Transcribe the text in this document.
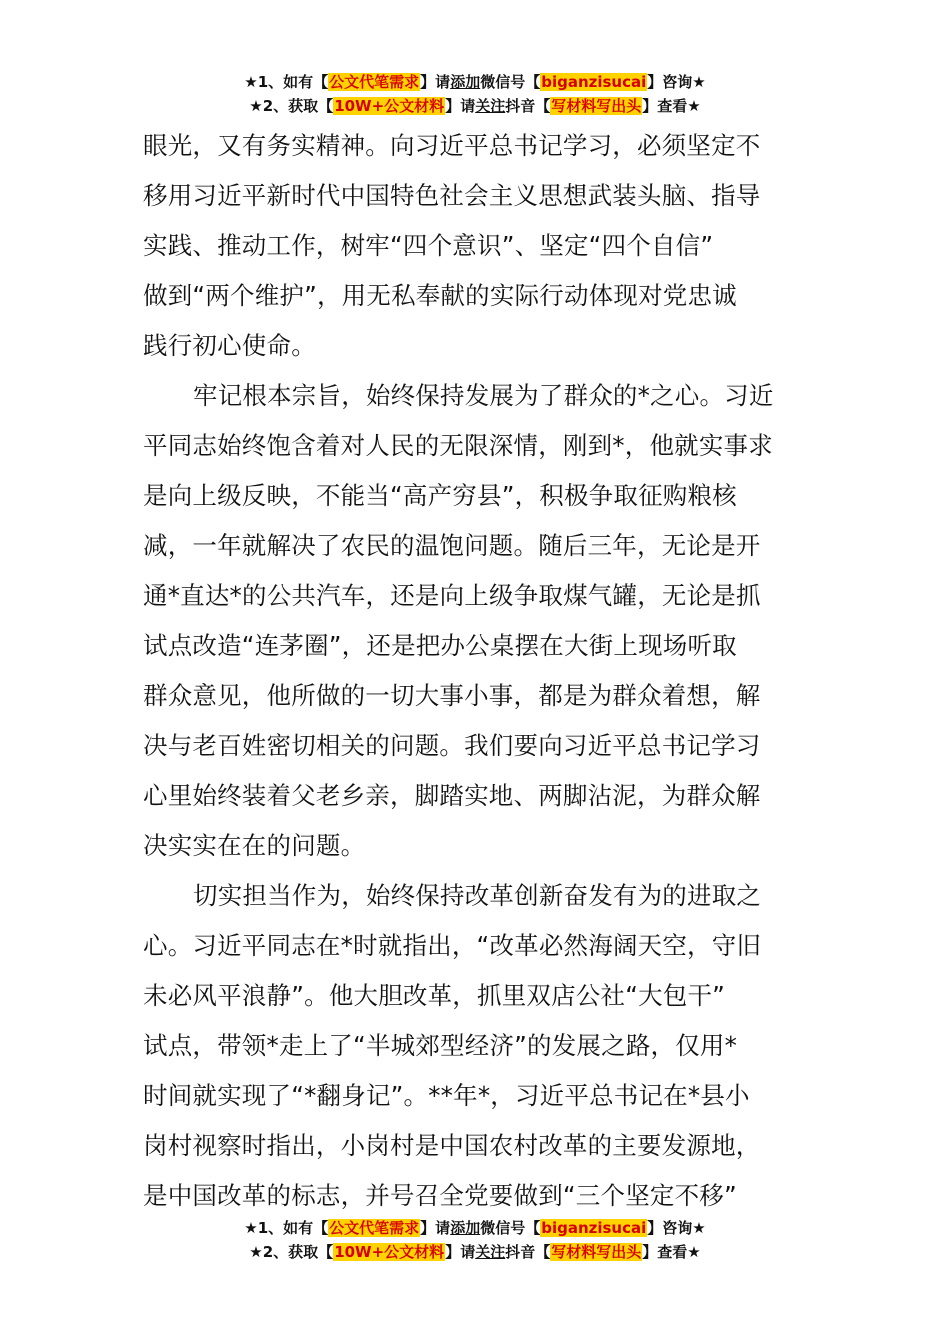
★1、如有【公文代笔需求】请添加微信号【biganzisucai】咨询★
★2、获取【10W+公文材料】请关注抖音【写材料写出头】查看★
眼光，又有务实精神。向习近平总书记学习，必须坚定不
移用习近平新时代中国特色社会主义思想武装头脑、指导
实践、推动工作，树牢“四个意识”、坚定“四个自信”
做到“两个维护”，用无私奉献的实际行动体现对党忠诚
践行初心使命。
牢记根本宗旨，始终保持发展为了群众的*之心。习近
平同志始终饱含着对人民的无限深情，刚到*，他就实事求
是向上级反映，不能当“高产穷县”，积极争取征购粮核
减，一年就解决了农民的温饱问题。随后三年，无论是开
通*直达*的公共汽车，还是向上级争取煤气罐，无论是抓
试点改造“连茅圈”，还是把办公桌摆在大街上现场听取
群众意见，他所做的一切大事小事，都是为群众着想，解
决与老百姓密切相关的问题。我们要向习近平总书记学习
心里始终装着父老乡亲，脚踏实地、两脚沾泥，为群众解
决实实在在的问题。
切实担当作为，始终保持改革创新奋发有为的进取之
心。习近平同志在*时就指出，“改革必然海阔天空，守旧
未必风平浪静”。他大胆改革，抓里双店公社“大包干”
试点，带领*走上了“半城郊型经济”的发展之路，仅用*
时间就实现了“*翻身记”。**年*，习近平总书记在*县小
岗村视察时指出，小岗村是中国农村改革的主要发源地，
是中国改革的标志，并号召全党要做到“三个坚定不移”
★1、如有【公文代笔需求】请添加微信号【biganzisucai】咨询★
★2、获取【10W+公文材料】请关注抖音【写材料写出头】查看★
